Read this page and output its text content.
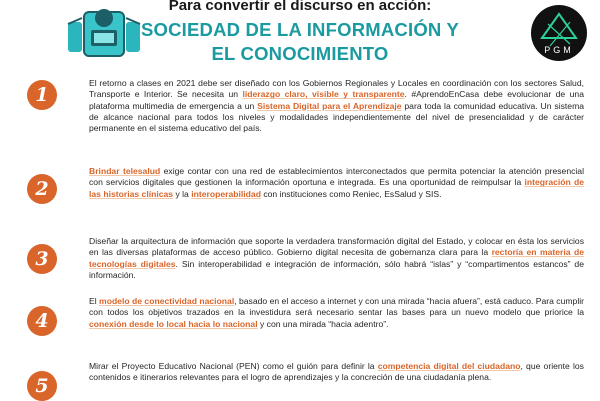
Para convertir el discurso en acción:
SOCIEDAD DE LA INFORMACIÓN Y
EL CONOCIMIENTO	PGM
1
El retorno a clases en 2021 debe ser diseñado con los Gobiernos Regionales y Locales en coordinación con los sectores Salud, Transporte e Interior. Se necesita un liderazgo claro, visible y transparente. #AprendoEnCasa debe evolucionar de una plataforma multimedia de emergencia a un Sistema Digital para el Aprendizaje para toda la comunidad educativa. Un sistema de alcance nacional para todos los niveles y modalidades independientemente del nivel de presencialidad y de carácter permanente en el sistema educativo del país.
2
Brindar telesalud exige contar con una red de establecimientos interconectados que permita potenciar la atención presencial con servicios digitales que gestionen la información oportuna e integrada. Es una oportunidad de reimpulsar la integración de las historias clínicas y la interoperabilidad con instituciones como Reniec, EsSalud y SIS.
3
Diseñar la arquitectura de información que soporte la verdadera transformación digital del Estado, y colocar en ésta los servicios en las diversas plataformas de acceso público. Gobierno digital necesita de gobernanza clara para la rectoría en materia de tecnologías digitales. Sin interoperabilidad e integración de información, sólo habrá “islas” y “compartimentos estancos” de información.
4
El modelo de conectividad nacional, basado en el acceso a internet y con una mirada “hacia afuera”, está caduco. Para cumplir con todos los objetivos trazados en la investidura será necesario sentar las bases para un nuevo modelo que priorice la conexión desde lo local hacia lo nacional y con una mirada “hacia adentro”.
5
Mirar el Proyecto Educativo Nacional (PEN) como el guión para definir la competencia digital del ciudadano, que oriente los contenidos e itinerarios relevantes para el logro de aprendizajes y la concreción de una ciudadanía plena.
